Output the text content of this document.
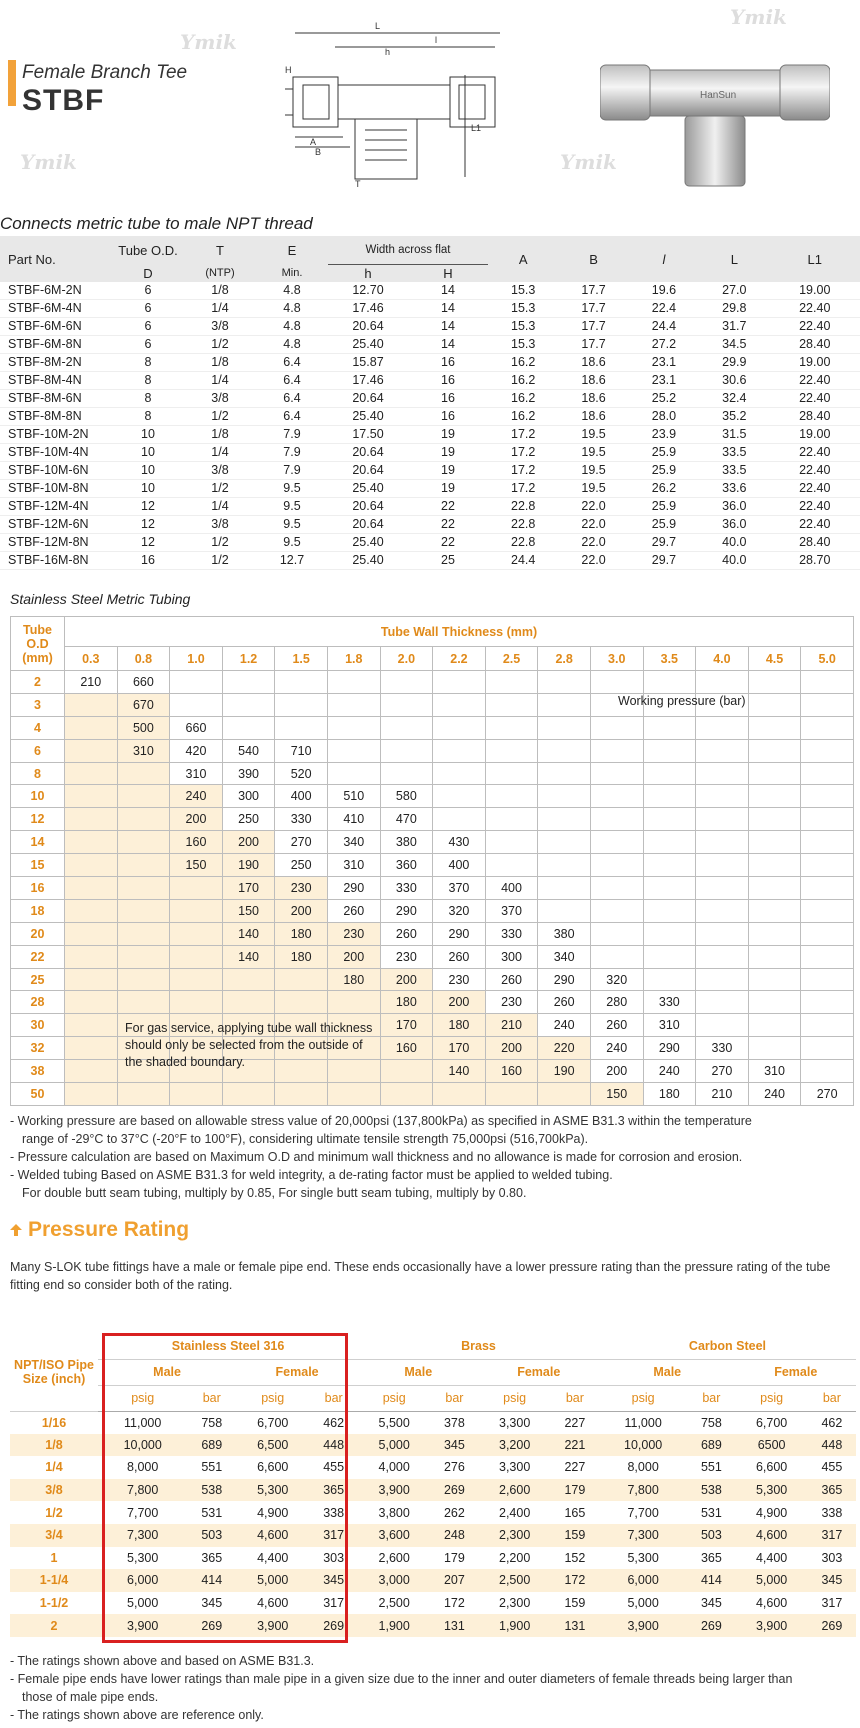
Ymik
Ymik
Ymik	Ymik
Female Branch Tee
STBF
L
l
h
H
A
B
T
L1
HanSun
Connects metric tube to male NPT thread
Part No.	Tube O.D.	T	E	Width across flat		A	B	l	L	L1
	D	(NTP)	Min.	h	H					
STBF-6M-2N	6	1/8	4.8	12.70	14	15.3	17.7	19.6	27.0	19.00
STBF-6M-4N	6	1/4	4.8	17.46	14	15.3	17.7	22.4	29.8	22.40
STBF-6M-6N	6	3/8	4.8	20.64	14	15.3	17.7	24.4	31.7	22.40
STBF-6M-8N	6	1/2	4.8	25.40	14	15.3	17.7	27.2	34.5	28.40
STBF-8M-2N	8	1/8	6.4	15.87	16	16.2	18.6	23.1	29.9	19.00
STBF-8M-4N	8	1/4	6.4	17.46	16	16.2	18.6	23.1	30.6	22.40
STBF-8M-6N	8	3/8	6.4	20.64	16	16.2	18.6	25.2	32.4	22.40
STBF-8M-8N	8	1/2	6.4	25.40	16	16.2	18.6	28.0	35.2	28.40
STBF-10M-2N	10	1/8	7.9	17.50	19	17.2	19.5	23.9	31.5	19.00
STBF-10M-4N	10	1/4	7.9	20.64	19	17.2	19.5	25.9	33.5	22.40
STBF-10M-6N	10	3/8	7.9	20.64	19	17.2	19.5	25.9	33.5	22.40
STBF-10M-8N	10	1/2	9.5	25.40	19	17.2	19.5	26.2	33.6	22.40
STBF-12M-4N	12	1/4	9.5	20.64	22	22.8	22.0	25.9	36.0	22.40
STBF-12M-6N	12	3/8	9.5	20.64	22	22.8	22.0	25.9	36.0	22.40
STBF-12M-8N	12	1/2	9.5	25.40	22	22.8	22.0	29.7	40.0	28.40
STBF-16M-8N	16	1/2	12.7	25.40	25	24.4	22.0	29.7	40.0	28.70
Stainless Steel Metric Tubing
Tube O.D (mm)	Tube Wall Thickness (mm)														
	0.3	0.8	1.0	1.2	1.5	1.8	2.0	2.2	2.5	2.8	3.0	3.5	4.0	4.5	5.0
2	210	660													
3		670													
4		500	660												
6		310	420	540	710										
8			310	390	520										
10			240	300	400	510	580								
12			200	250	330	410	470								
14			160	200	270	340	380	430							
15			150	190	250	310	360	400							
16				170	230	290	330	370	400						
18				150	200	260	290	320	370						
20				140	180	230	260	290	330	380					
22				140	180	200	230	260	300	340					
25						180	200	230	260	290	320				
28							180	200	230	260	280	330			
30							170	180	210	240	260	310			
32							160	170	200	220	240	290	330		
38								140	160	190	200	240	270	310	
50											150	180	210	240	270
Working pressure (bar)
For gas service, applying tube wall thickness should only be selected from the outside of the shaded boundary.

- Working pressure are based on allowable stress value of 20,000psi (137,800kPa) as specified in ASME B31.3 within the temperature

range of -29°C to 37°C (-20°F to 100°F), considering ultimate tensile strength 75,000psi (516,700kPa).

- Pressure calculation are based on Maximum O.D and minimum wall thickness and no allowance is made for corrosion and erosion.

- Welded tubing Based on ASME B31.3 for weld integrity, a de-rating factor must be applied to welded tubing.

For double butt seam tubing, multiply by 0.85, For single butt seam tubing, multiply by 0.80.

Pressure Rating
Many S-LOK tube fittings have a male or female pipe end. These ends occasionally have a lower pressure rating than the pressure rating of the tube fitting end so consider both of the rating.
NPT/ISO Pipe Size (inch)	Stainless Steel 316				Brass				Carbon Steel			
	Male		Female		Male		Female		Male		Female	
	psig	bar	psig	bar	psig	bar	psig	bar	psig	bar	psig	bar
1/16	11,000	758	6,700	462	5,500	378	3,300	227	11,000	758	6,700	462
1/8	10,000	689	6,500	448	5,000	345	3,200	221	10,000	689	6500	448
1/4	8,000	551	6,600	455	4,000	276	3,300	227	8,000	551	6,600	455
3/8	7,800	538	5,300	365	3,900	269	2,600	179	7,800	538	5,300	365
1/2	7,700	531	4,900	338	3,800	262	2,400	165	7,700	531	4,900	338
3/4	7,300	503	4,600	317	3,600	248	2,300	159	7,300	503	4,600	317
1	5,300	365	4,400	303	2,600	179	2,200	152	5,300	365	4,400	303
1-1/4	6,000	414	5,000	345	3,000	207	2,500	172	6,000	414	5,000	345
1-1/2	5,000	345	4,600	317	2,500	172	2,300	159	5,000	345	4,600	317
2	3,900	269	3,900	269	1,900	131	1,900	131	3,900	269	3,900	269

- The ratings shown above and based on ASME B31.3.

- Female pipe ends have lower ratings than male pipe in a given size due to the inner and outer diameters of female threads being larger than

those of male pipe ends.

- The ratings shown above are reference only.
